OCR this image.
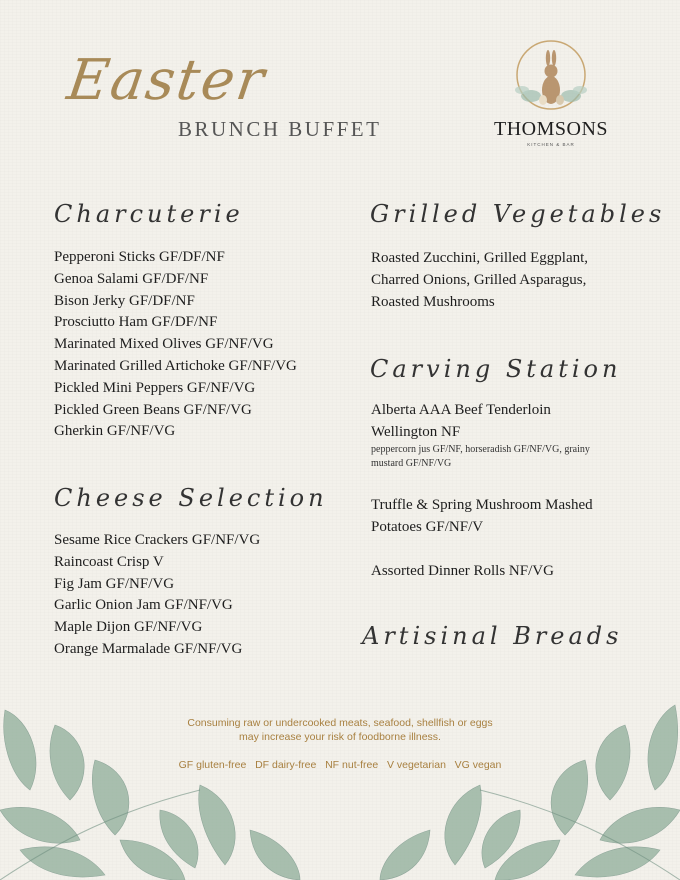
Easter
BRUNCH BUFFET	THOMSONS
KITCHEN & BAR
Charcuterie
Pepperoni Sticks GF/DF/NF
Genoa Salami GF/DF/NF
Bison Jerky GF/DF/NF
Prosciutto Ham GF/DF/NF
Marinated Mixed Olives GF/NF/VG
Marinated Grilled Artichoke GF/NF/VG
Pickled Mini Peppers GF/NF/VG
Pickled Green Beans GF/NF/VG
Gherkin GF/NF/VG
Cheese Selection
Sesame Rice Crackers GF/NF/VG
Raincoast Crisp V
Fig Jam GF/NF/VG
Garlic Onion Jam GF/NF/VG
Maple Dijon GF/NF/VG
Orange Marmalade GF/NF/VG
Grilled Vegetables
Roasted Zucchini, Grilled Eggplant,
Charred Onions, Grilled Asparagus,
Roasted Mushrooms
Carving Station
Alberta AAA Beef Tenderloin
Wellington NF
peppercorn jus GF/NF, horseradish GF/NF/VG, grainy
mustard GF/NF/VG
Truffle & Spring Mushroom Mashed
Potatoes GF/NF/V
Assorted Dinner Rolls NF/VG
Artisinal Breads
Consuming raw or undercooked meats, seafood, shellfish or eggs
may increase your risk of foodborne illness.
GF gluten-free   DF dairy-free   NF nut-free   V vegetarian   VG vegan
